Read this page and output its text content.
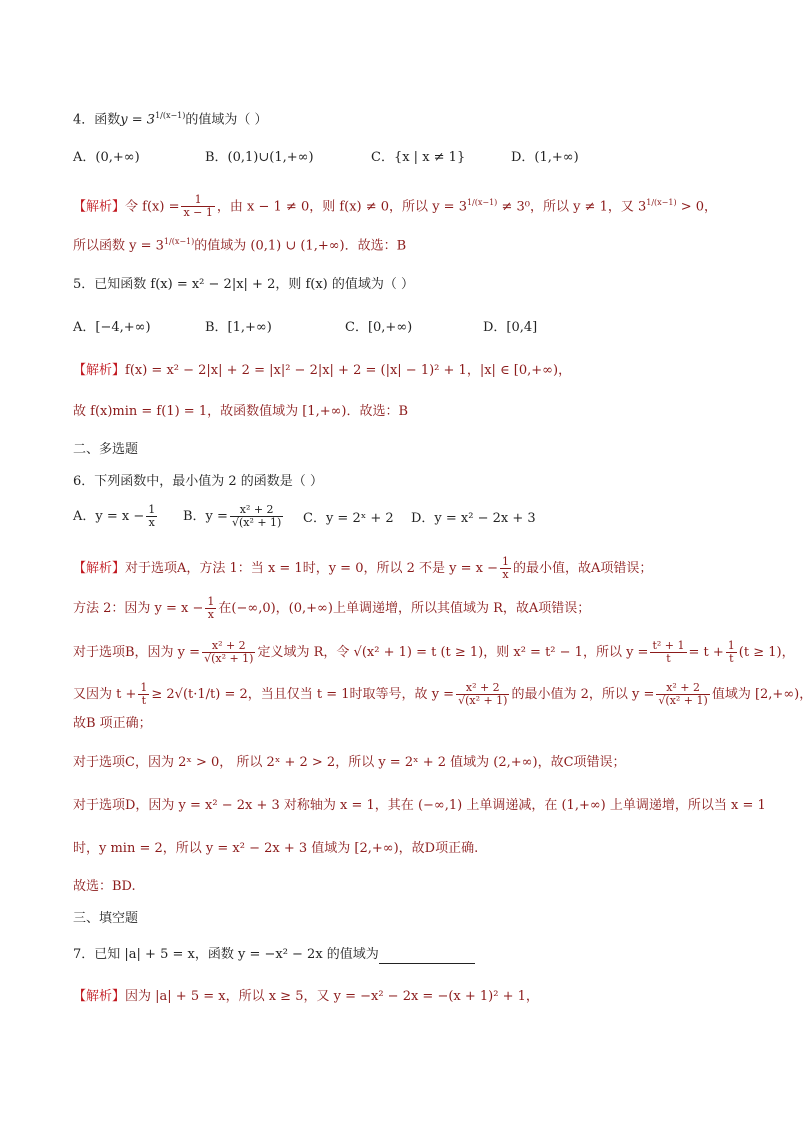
4．函数$y = 3^{1/(x-1)}$的值域为（ ）
A．(0,+∞)	B．(0,1)∪(1,+∞)	C．{x | x ≠ 1}	D．(1,+∞)
【解析】令 $f(x) = \frac{1}{x - 1}$ ，由 x − 1 ≠ 0，则 f(x) ≠ 0，所以 $y = 3^{1/(x-1)} \ne 3^0$，所以 y ≠ 1，又 $3^{1/(x-1)} > 0$，
所以函数 $y = 3^{1/(x-1)}$的值域为 (0,1) ∪ (1,+∞)．故选：B
5．已知函数 f(x) = x² − 2|x| + 2，则 f(x) 的值域为（ ）
A．[−4,+∞)	B．[1,+∞)	C．[0,+∞)	D．[0,4]
【解析】f(x) = x² − 2|x| + 2 = |x|² − 2|x| + 2 = (|x| − 1)² + 1，|x| ∈ [0,+∞)，
故 f(x)min = f(1) = 1，故函数值域为 [1,+∞)．故选：B
二、多选题
6．下列函数中，最小值为 2 的函数是（ ）
A．$y = x - \frac{1}{x}$ B．$y = \frac{\text{x² + 2}}{\text{√(x² + 1)}}$ C．y = 2ˣ + 2 D．y = x² − 2x + 3
【解析】对于选项A，方法 1：当 x = 1时，y = 0，所以 2 不是 $y = x - \frac{1}{x}$ 的最小值，故A项错误；
方法 2：因为 $y = x - \frac{1}{x}$ 在(−∞,0)，(0,+∞)上单调递增，所以其值域为 R，故A项错误；
对于选项B，因为 $y = \frac{\text{x² + 2}}{\text{√(x² + 1)}}$ 定义域为 R，令 √(x² + 1) = t (t ≥ 1)，则 x² = t² − 1，所以 $y = \frac{\text{t² + 1}}{t} = t + \frac{1}{t} (t \ge 1)$，
又因为 $t + \frac{1}{t} \ge 2√(t\cdot 1/t) = 2$，当且仅当 t = 1时取等号，故 $y = \frac{\text{x² + 2}}{\text{√(x² + 1)}}$ 的最小值为 2，所以 $y = \frac{\text{x² + 2}}{\text{√(x² + 1)}}$ 值域为 [2,+∞)，
故B 项正确；
对于选项C，因为 2ˣ > 0， 所以 2ˣ + 2 > 2，所以 y = 2ˣ + 2 值域为 (2,+∞)，故C项错误；
对于选项D，因为 y = x² − 2x + 3 对称轴为 x = 1，其在 (−∞,1) 上单调递减，在 (1,+∞) 上单调递增，所以当 x = 1
时，y min = 2，所以 y = x² − 2x + 3 值域为 [2,+∞)，故D项正确.
故选：BD.
三、填空题
7．已知 |a| + 5 = x，函数 y = −x² − 2x 的值域为
【解析】因为 |a| + 5 = x，所以 x ≥ 5，又 y = −x² − 2x = −(x + 1)² + 1，
